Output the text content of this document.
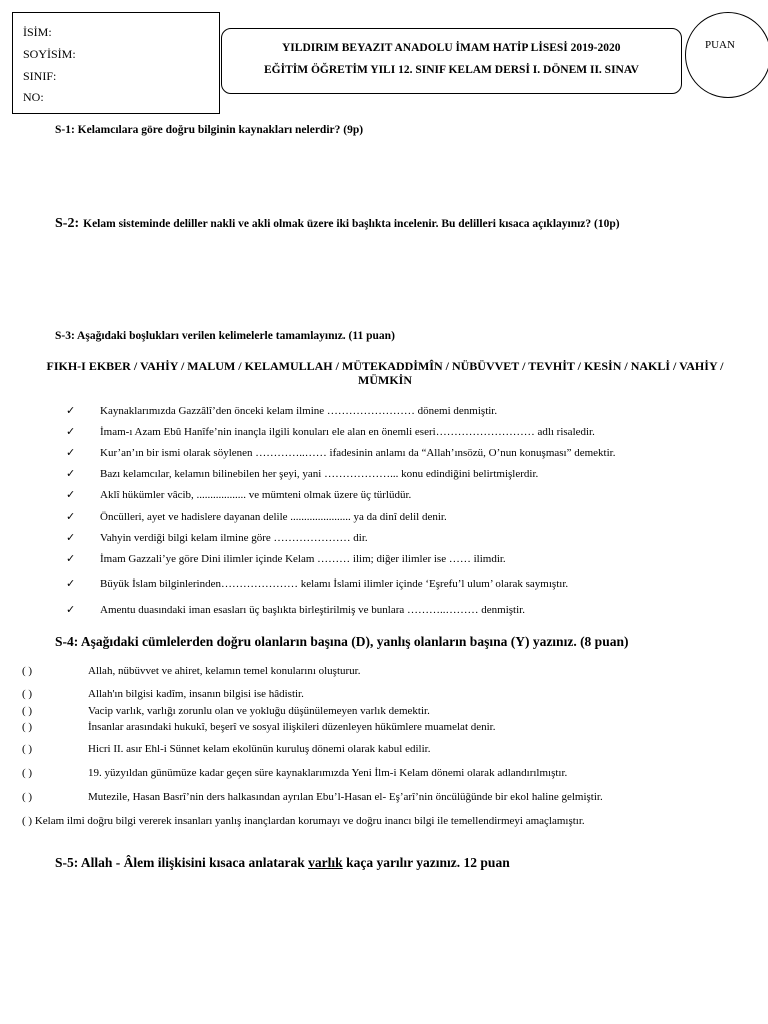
İSİM:
SOYİSİM:
SINIF:
NO:
YILDIRIM BEYAZIT ANADOLU İMAM HATİP LİSESİ 2019-2020
EĞİTİM ÖĞRETİM YILI 12. SINIF KELAM DERSİ I. DÖNEM II. SINAV
PUAN
S-1: Kelamcılara göre doğru bilginin kaynakları nelerdir? (9p)
S-2: Kelam sisteminde deliller nakli ve akli olmak üzere iki başlıkta incelenir. Bu delilleri kısaca açıklayınız? (10p)
S-3: Aşağıdaki boşlukları verilen kelimelerle tamamlayınız. (11 puan)
FIKH-I EKBER / VAHİY / MALUM / KELAMULLAH / MÜTEKADDİMÎN / NÜBÜVVET / TEVHİT / KESİN / NAKLİ / VAHİY / MÜMKİN
✓ Kaynaklarımızda Gazzâlî’den önceki kelam ilmine …………………… dönemi denmiştir.
✓ İmam-ı Azam Ebû Hanîfe’nin inançla ilgili konuları ele alan en önemli eseri……………………… adlı risaledir.
✓ Kur’an’ın bir ismi olarak söylenen …………..…… ifadesinin anlamı da “Allah’ınsözü, O’nun konuşması” demektir.
✓ Bazı kelamcılar, kelamın bilinebilen her şeyi, yani ………………... konu edindiğini belirtmişlerdir.
✓ Aklî hükümler vâcib, .................. ve mümteni olmak üzere üç türlüdür.
✓ Öncülleri, ayet ve hadislere dayanan delile ...................... ya da dinî delil denir.
✓ Vahyin verdiği bilgi kelam ilmine göre ………………… dir.
✓ İmam Gazzali’ye göre Dini ilimler içinde Kelam ……… ilim; diğer ilimler ise …… ilimdir.
✓ Büyük İslam bilginlerinden………………… kelamı İslami ilimler içinde ‘Eşrefu’l ulum’ olarak saymıştır.
✓ Amentu duasındaki iman esasları üç başlıkta birleştirilmiş ve bunlara ………..……… denmiştir.
S-4: Aşağıdaki cümlelerden doğru olanların başına (D), yanlış olanların başına (Y) yazınız. (8 puan)
( )	Allah, nübüvvet ve ahiret, kelamın temel konularını oluşturur.
( )	Allah'ın bilgisi kadîm, insanın bilgisi ise hâdistir.
( )	Vacip varlık, varlığı zorunlu olan ve yokluğu düşünülemeyen varlık demektir.
( )	İnsanlar arasındaki hukukî, beşerî ve sosyal ilişkileri düzenleyen hükümlere muamelat denir.
( )	Hicri II. asır Ehl-i Sünnet kelam ekolünün kuruluş dönemi olarak kabul edilir.
( )	19. yüzyıldan günümüze kadar geçen süre kaynaklarımızda Yeni İlm-i Kelam dönemi olarak adlandırılmıştır.
( )	Mutezile, Hasan Basrî’nin ders halkasından ayrılan Ebu’l-Hasan el- Eş’arî’nin öncülüğünde bir ekol haline gelmiştir.
( ) Kelam ilmi doğru bilgi vererek insanları yanlış inançlardan korumayı ve doğru inancı bilgi ile temellendirmeyi amaçlamıştır.
S-5: Allah - Âlem ilişkisini kısaca anlatarak varlık kaça yarılır yazınız. 12 puan
